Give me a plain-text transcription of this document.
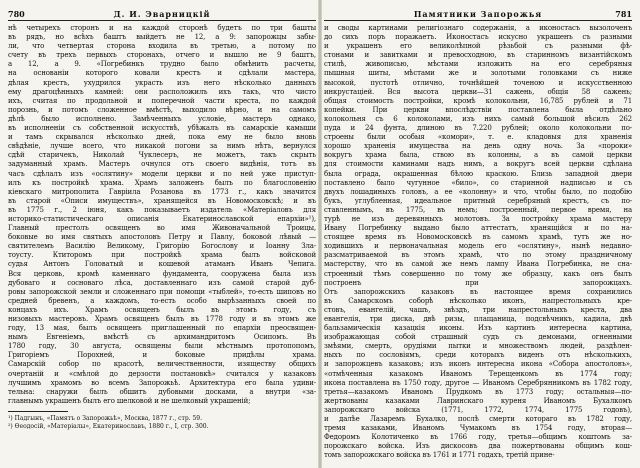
780	Д. И. Эварницкій
нѣ четырехъ сторонъ и на каждой сторонѣ будетъ по три башты
въ рядъ, но всѣхъ баштъ выйдетъ не 12, а 9: запорожцы забы-
ли, что четвертая сторона входила въ третью, а потому по
счету въ трехъ первыхъ сторонахъ, отчего и вышло не 9 баштъ,
а 12, а 9. «Погребинкъ трудно было обмѣнить расчеты,
на основаніи которого ковали крестъ и сдѣлали мастера,
дѣлая крестъ, ухудрился украсть изъ него нѣсколько данныхъ
ему драгоцѣнныхъ камней: они расположилъ ихъ такъ, что чисто
ихъ, считая по продольной и поперечной части креста, по каждой
порознь, и потомъ сложенное вмѣстѣ, выходило вѣрно, и на самомъ
дѣлѣ было исполнено. Замѣченныхъ условіе, мастеръ однако,
въ исполненіи съ собственной искусствѣ, убѣжалъ въ самарскіе камыши
и тамъ скрывался нѣсколько дней, пока ему не было вновь
свѣдѣніе, лучше всего, что никакой погони за нимъ нѣтъ, вернулся
сдѣй старичекъ, Николай Чуклесеръ, не можетъ, такъ скрыть
задуманный храмъ. Мастеръ очнулся отъ своего видѣнія, тотъ въ
часъ сдѣлалъ изъ «ослятину» модели церкви и по ней уже приступ-
илъ къ постройкѣ храма. Храмъ заложенъ былъ по благословенію
кіевскаго митрополита Гавріила Розанова въ 1773 г., какъ значится
въ старой «Описи имуществъ», хранящейся въ Новомосковскѣ; и въ
въ 1775 г., 2 іюня, какъ показываетъ издатель «Матеріаловъ для
историко-статистическаго описанія Екатеринославской епархіи»¹),
Главный престолъ освященъ во имя Живоначальной Троицы,
боковые во имя святыхъ апостоловъ Петру и Павлу, боковой лѣвый —
святителемъ Василію Великому, Григорію Богослову и Іоанну Зла-
тоусту. Ктиторомъ при постройкѣ храма былъ войсковой
судья Антонъ Головатый и кошевой атаманъ Иванъ Чепига.
Вся церковь, кромѣ каменнаго фундамента, сооружена была изъ
дубоваго и сосноваго лѣса, доставленнаго изъ самой старой дуб-
ровы запорожской земли и сложеннаго при помощи «тыблей», то-есть шиповъ но
средней бревенъ, а каждомъ, то-есть особо вырѣзанныхъ своей по
концахъ ихъ. Храмъ освященъ былъ въ этомъ году, съ
низовыхъ мастеровъ. Храмъ освященъ былъ въ 1778 году и въ этомъ же
году, 13 мая, былъ освященъ приглашенный по епархіи преосвящен-
нымъ Евгеніемъ, вмѣстѣ съ архимандритомъ Осипомъ. Въ
1780 году, 30 августа, освящены были мѣстнымъ протопопомъ,
Григоріемъ Порохней, и боковые придѣлы храма.
Самарскій собор по красотѣ, величественности, изяществу общихъ
очертаній и «смѣлой до дерзости постановкѣ» считался у казаковъ
лучшимъ храмомъ во всемъ Запорожьѣ. Архитектура его была удиви-
тельна: снаружи былъ обшитъ дубовыми досками, а внутри «за-
главнымъ украшенъ былъ его шелковой и не шелковый украшеній;
¹) Падгынъ, «Памятъ о Запорожьѣ», Москва, 1877 г., стр. 59.
²) Өеодосій, «Матеріалы», Екатеринославъ, 1880 г., I, стр. 300.
Памятники Запорожья	781
и своды картинами религіознаго содержанія, а иконостасъ вызолоченъ
до сихъ поръ поражаетъ. Иконостасъ искусно украшенъ съ разными
и украшенъ его великолѣпной рѣзьбой съ разными фѣ-
стонами и завитками и превосходною, въ старинномъ византійскомъ
стилѣ, живописью, мѣстами изложить на его серебряныя
пышныя шиты, мѣстами же и золотыми головками съ ниже
высокой, пустотѣ отлично, точнѣйшей точеною и искусственною
инкрустаціей. Вся высота церкви—31 сажень, общія 58 сажень;
общая стоимость постройки, кромѣ колокольни, 16,785 рублей и 71
копейки. При церкви впослѣдствіи поставлена была отдѣльно
колокольня съ 6 колоколами, изъ нихъ самый большой вѣсилъ 262
пуда и 24 фунта, длиною въ 7.220 рублей; около колокольни по-
строены были особыя «комори», т. е. кладовыя для храненія
хорошо храненія имущества на день одну ночь. За «пороки»
вокругъ храма была, ствою въ колонны, а въ самой церкви
для стоимости каминами надъ нимъ, а вокругъ всей церкви сдѣлана
была ограда, окрашенная бѣлою краскою. Близь западной двери
поставлено было чугунное «било», со старинной надписью и съ
двухъ лошадиныхъ головъ, а ее «колонну» и что, чтобы было, по подобію
букъ, углубленная, идеальное притный серебряный крестъ, съ по-
ставленнымъ, въ 1775, въ немъ; построенный, первое время, на
турѣ не изъ деревянныхъ молотовъ. Зa постройку храма мастеру
Ивану Погребинку выдано было аттестатъ, хранящійся и по на-
стоящее время въ Новомосковскѣ въ самомъ храмѣ, тутъ же но-
ходившихъ и первоначальная модель его «ослятину», нынѣ недавно-
разсматриваемой въ этомъ храмѣ, что по этому праздничному
мастерству, что въ самой же немъ лампу Ивана Погребинка, не сна-
строенный тѣмъ совершенно по тому же образцу, какъ онъ былъ
построенъ при запорожцахъ.
Отъ запорожскихъ казаковъ въ настоящее время сохранились
въ Самарскомъ соборѣ нѣсколько иконъ, напрестольныхъ кре-
стовъ, евангелій, чашъ, звѣздъ, три напрестольныхъ креста, два
евангелія, три диска, двѣ ризы, плащаница, подсвѣчникъ, кадила, двѣ
бальзамическія казацкія иконы. Изъ картинъ интересна картина,
изображающая собой страшный судъ съ демонами, огненными
змѣями, смерть, орудіями пытки и множествомъ людей, раздѣлен-
ныхъ по сословіямъ, среди которыхъ виденъ отъ нѣсколькихъ,
и запорожцевъ казаковъ; изъ иконъ интересна икона «Собора апостоловъ»,
«отмѣченныя казакомъ Иваномъ Терещенкомъ въ 1774 году;
икона поставлена въ 1750 году, другое — Иваномъ Серебрянникомъ въ 1782 году,
третья—казакомъ Иваномъ Прудкомъ въ 1773 году; остальныя—по-
жертвованы казаками Лавринскаго куреня Иваномъ Бухалкомъ
запорожскаго войска (1771, 1772, 1774, 1775 годовъ),
и далѣе Лазаремъ Бухалко, послѣ смерти котораго въ 1782 году,
тремя казаками, Иваномъ Чумакомъ въ 1754 году, вторая—
Федоромъ Колотиченко въ 1766 году, третья—общимъ коштомъ за-
порожскаго войска. Изъ дискосовъ два пожертвованы общимъ кош-
томъ запорожскаго войска въ 1761 и 1771 годахъ, третій прине-
